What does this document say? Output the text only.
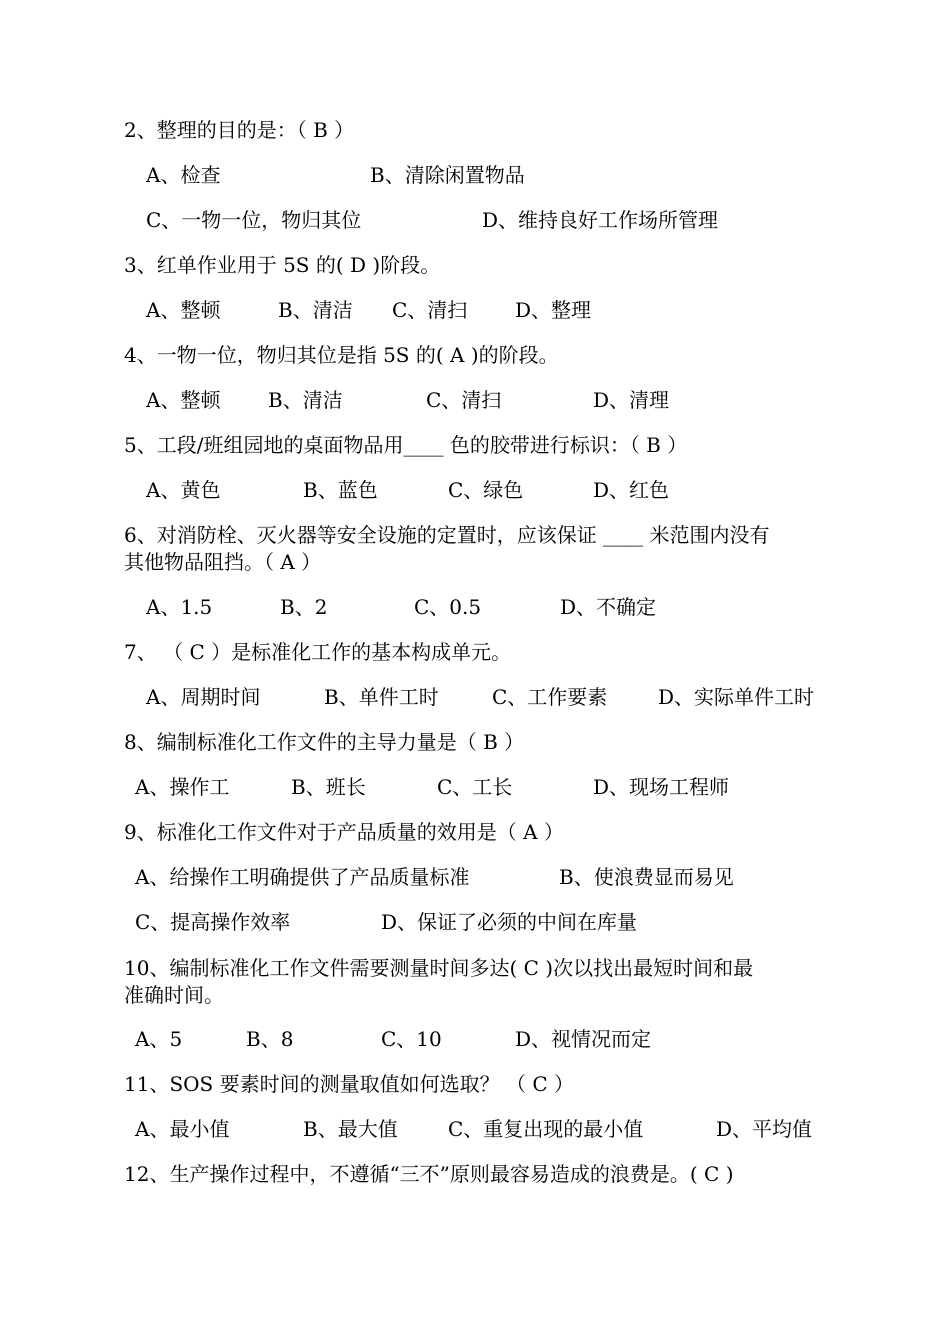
2、整理的目的是：（ B ）

A、检查	B、清除闲置物品
C、一物一位，物归其位	D、维持良好工作场所管理

3、红单作业用于 5S 的( D )阶段。

A、整顿	B、清洁 C、清扫 D、整理

4、一物一位，物归其位是指 5S 的( A )的阶段。

A、整顿 B、清洁	C、清扫	D、清理

5、工段/班组园地的桌面物品用____ 色的胶带进行标识：（ B ）

A、黄色	B、蓝色	C、绿色	D、红色

6、对消防栓、灭火器等安全设施的定置时，应该保证 ____ 米范围内没有

其他物品阻挡。（ A ）

A、1.5	B、2	C、0.5	D、不确定

7、 （ C ）是标准化工作的基本构成单元。

A、周期时间	B、单件工时	C、工作要素	D、实际单件工时

8、编制标准化工作文件的主导力量是（ B ）

A、操作工	B、班长	C、工长	D、现场工程师

9、标准化工作文件对于产品质量的效用是（ A ）

A、给操作工明确提供了产品质量标准	B、使浪费显而易见
C、提高操作效率	D、保证了必须的中间在库量

10、编制标准化工作文件需要测量时间多达( C )次以找出最短时间和最

准确时间。

A、5	B、8	C、10	D、视情况而定

11、SOS 要素时间的测量取值如何选取？ （ C ）

A、最小值	B、最大值	C、重复出现的最小值	D、平均值

12、生产操作过程中，不遵循“三不”原则最容易造成的浪费是。( C )
